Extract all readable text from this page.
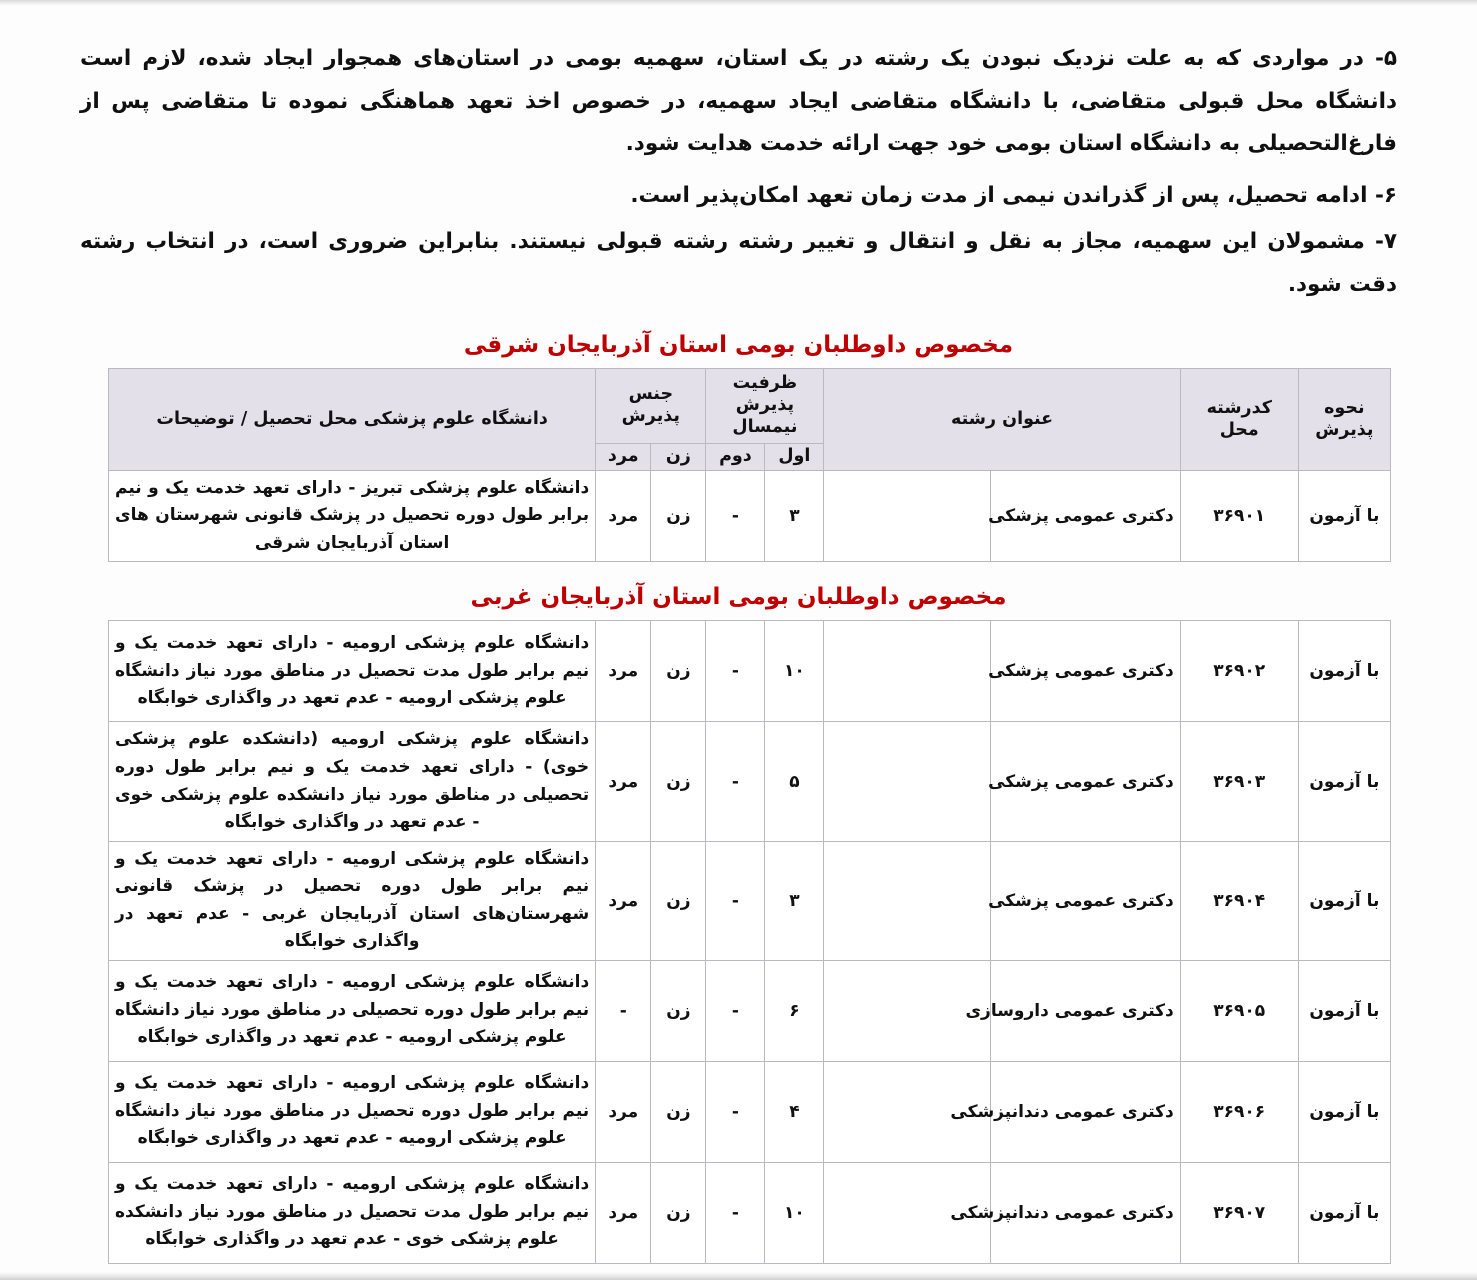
۵- در مواردی که به علت نزدیک نبودن یک رشته در یک استان، سهمیه بومی در استان‌های همجوار ایجاد شده، لازم است دانشگاه محل قبولی متقاضی، با دانشگاه متقاضی ایجاد سهمیه، در خصوص اخذ تعهد هماهنگی نموده تا متقاضی پس از فارغ‌التحصیلی به دانشگاه استان بومی خود جهت ارائه خدمت هدایت شود.

۶- ادامه تحصیل، پس از گذراندن نیمی از مدت زمان تعهد امکان‌پذیر است.

۷- مشمولان این سهمیه، مجاز به نقل و انتقال و تغییر رشته رشته قبولی نیستند. بنابراین ضروری است، در انتخاب رشته دقت شود.

مخصوص داوطلبان بومی استان آذربایجان شرقی
نحوه پذیرش	کدرشته محل	عنوان رشته		ظرفیت پذیرش نیمسال		جنس پذیرش		دانشگاه علوم پزشکی محل تحصیل / توضیحات
				اول	دوم	زن	مرد	
با آزمون	۳۶۹۰۱	دکتری عمومی پزشکی		۳	-	زن	مرد	دانشگاه علوم پزشکی تبریز - دارای تعهد خدمت یک و نیم برابر طول دوره تحصیل در پزشک قانونی شهرستان های استان آذربایجان شرقی
مخصوص داوطلبان بومی استان آذربایجان غربی
با آزمون	۳۶۹۰۲	دکتری عمومی پزشکی		۱۰	-	زن	مرد	دانشگاه علوم پزشکی ارومیه - دارای تعهد خدمت یک و نیم برابر طول مدت تحصیل در مناطق مورد نیاز دانشگاه علوم پزشکی ارومیه - عدم تعهد در واگذاری خوابگاه
با آزمون	۳۶۹۰۳	دکتری عمومی پزشکی		۵	-	زن	مرد	دانشگاه علوم پزشکی ارومیه (دانشکده علوم پزشکی خوی) - دارای تعهد خدمت یک و نیم برابر طول دوره تحصیلی در مناطق مورد نیاز دانشکده علوم پزشکی خوی - عدم تعهد در واگذاری خوابگاه
با آزمون	۳۶۹۰۴	دکتری عمومی پزشکی		۳	-	زن	مرد	دانشگاه علوم پزشکی ارومیه - دارای تعهد خدمت یک و نیم برابر طول دوره تحصیل در پزشک قانونی شهرستان‌های استان آذربایجان غربی - عدم تعهد در واگذاری خوابگاه
با آزمون	۳۶۹۰۵	دکتری عمومی داروسازی		۶	-	زن	-	دانشگاه علوم پزشکی ارومیه - دارای تعهد خدمت یک و نیم برابر طول دوره تحصیلی در مناطق مورد نیاز دانشگاه علوم پزشکی ارومیه - عدم تعهد در واگذاری خوابگاه
با آزمون	۳۶۹۰۶	دکتری عمومی دندانپزشکی		۴	-	زن	مرد	دانشگاه علوم پزشکی ارومیه - دارای تعهد خدمت یک و نیم برابر طول دوره تحصیل در مناطق مورد نیاز دانشگاه علوم پزشکی ارومیه - عدم تعهد در واگذاری خوابگاه
با آزمون	۳۶۹۰۷	دکتری عمومی دندانپزشکی		۱۰	-	زن	مرد	دانشگاه علوم پزشکی ارومیه - دارای تعهد خدمت یک و نیم برابر طول مدت تحصیل در مناطق مورد نیاز دانشکده علوم پزشکی خوی - عدم تعهد در واگذاری خوابگاه
